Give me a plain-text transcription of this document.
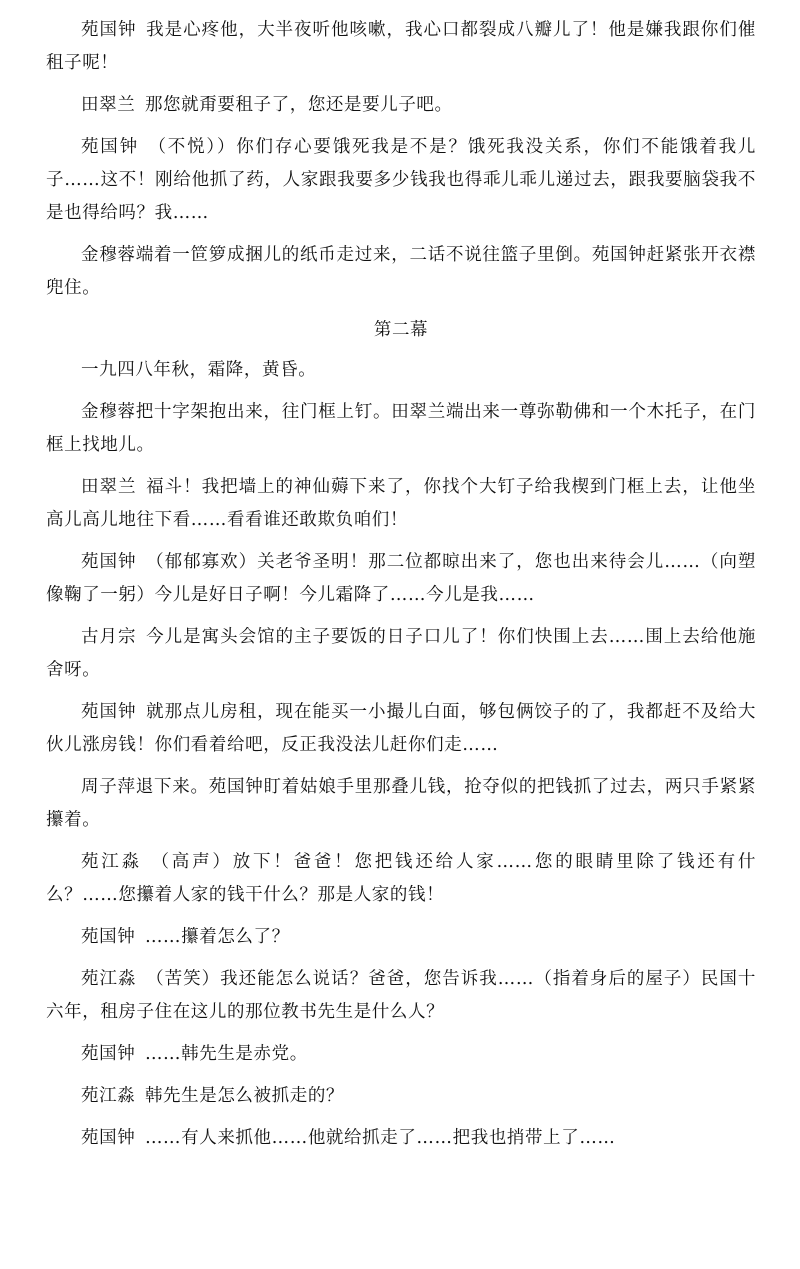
苑国钟 我是心疼他，大半夜听他咳嗽，我心口都裂成八瓣儿了！他是嫌我跟你们催租子呢！

田翠兰 那您就甭要租子了，您还是要儿子吧。

苑国钟 （不悦））你们存心要饿死我是不是？饿死我没关系，你们不能饿着我儿子……这不！刚给他抓了药，人家跟我要多少钱我也得乖儿乖儿递过去，跟我要脑袋我不是也得给吗？我……

金穆蓉端着一笸箩成捆儿的纸币走过来，二话不说往篮子里倒。苑国钟赶紧张开衣襟兜住。

第二幕

一九四八年秋，霜降，黄昏。

金穆蓉把十字架抱出来，往门框上钉。田翠兰端出来一尊弥勒佛和一个木托子，在门框上找地儿。

田翠兰 福斗！我把墙上的神仙薅下来了，你找个大钉子给我楔到门框上去，让他坐高儿高儿地往下看……看看谁还敢欺负咱们！

苑国钟 （郁郁寡欢）关老爷圣明！那二位都晾出来了，您也出来待会儿……（向塑像鞠了一躬）今儿是好日子啊！今儿霜降了……今儿是我……

古月宗 今儿是寓头会馆的主子要饭的日子口儿了！你们快围上去……围上去给他施舍呀。

苑国钟 就那点儿房租，现在能买一小撮儿白面，够包俩饺子的了，我都赶不及给大伙儿涨房钱！你们看着给吧，反正我没法儿赶你们走……

周子萍退下来。苑国钟盯着姑娘手里那叠儿钱，抢夺似的把钱抓了过去，两只手紧紧攥着。

苑江淼 （高声）放下！爸爸！您把钱还给人家……您的眼睛里除了钱还有什么？……您攥着人家的钱干什么？那是人家的钱！

苑国钟 ……攥着怎么了？

苑江淼 （苦笑）我还能怎么说话？爸爸，您告诉我……（指着身后的屋子）民国十六年，租房子住在这儿的那位教书先生是什么人？

苑国钟 ……韩先生是赤党。

苑江淼 韩先生是怎么被抓走的？

苑国钟 ……有人来抓他……他就给抓走了……把我也捎带上了……
